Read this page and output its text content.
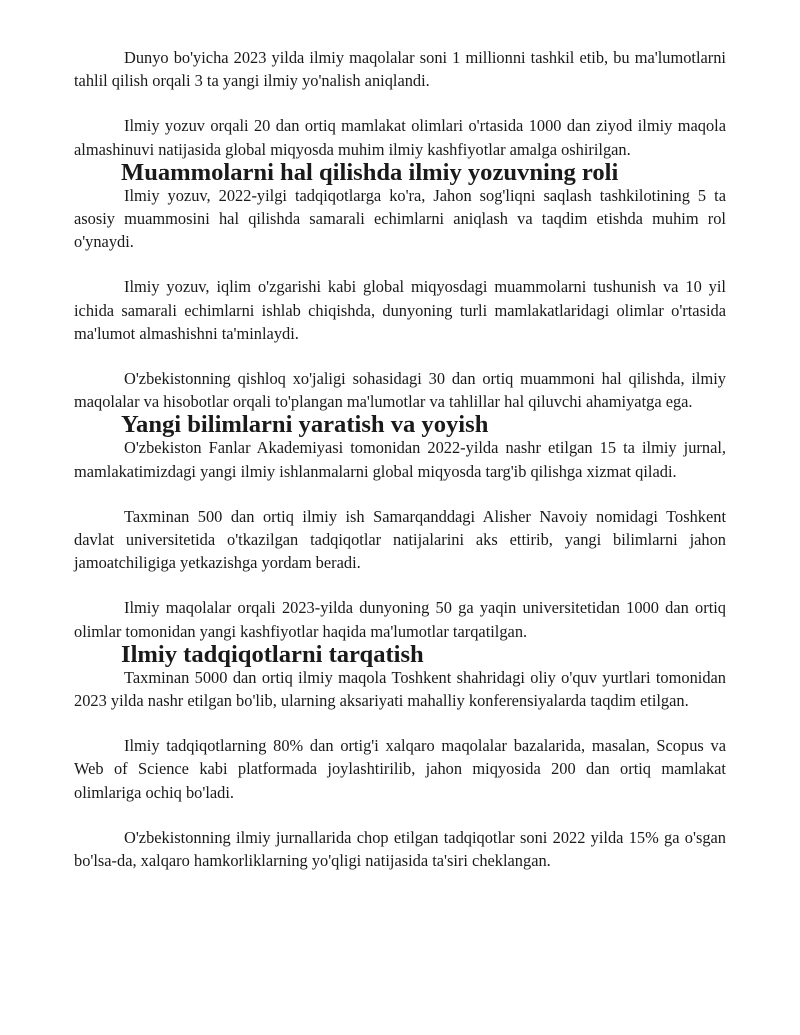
Dunyo bo'yicha 2023 yilda ilmiy maqolalar soni 1 millionni tashkil etib, bu ma'lumotlarni tahlil qilish orqali 3 ta yangi ilmiy yo'nalish aniqlandi.

Ilmiy yozuv orqali 20 dan ortiq mamlakat olimlari o'rtasida 1000 dan ziyod ilmiy maqola almashinuvi natijasida global miqyosda muhim ilmiy kashfiyotlar amalga oshirilgan.

Muammolarni hal qilishda ilmiy yozuvning roli

Ilmiy yozuv, 2022-yilgi tadqiqotlarga ko'ra, Jahon sog'liqni saqlash tashkilotining 5 ta asosiy muammosini hal qilishda samarali echimlarni aniqlash va taqdim etishda muhim rol o'ynaydi.

Ilmiy yozuv, iqlim o'zgarishi kabi global miqyosdagi muammolarni tushunish va 10 yil ichida samarali echimlarni ishlab chiqishda, dunyoning turli mamlakatlaridagi olimlar o'rtasida ma'lumot almashishni ta'minlaydi.

O'zbekistonning qishloq xo'jaligi sohasidagi 30 dan ortiq muammoni hal qilishda, ilmiy maqolalar va hisobotlar orqali to'plangan ma'lumotlar va tahlillar hal qiluvchi ahamiyatga ega.

Yangi bilimlarni yaratish va yoyish

O'zbekiston Fanlar Akademiyasi tomonidan 2022-yilda nashr etilgan 15 ta ilmiy jurnal, mamlakatimizdagi yangi ilmiy ishlanmalarni global miqyosda targ'ib qilishga xizmat qiladi.

Taxminan 500 dan ortiq ilmiy ish Samarqanddagi Alisher Navoiy nomidagi Toshkent davlat universitetida o'tkazilgan tadqiqotlar natijalarini aks ettirib, yangi bilimlarni jahon jamoatchiligiga yetkazishga yordam beradi.

Ilmiy maqolalar orqali 2023-yilda dunyoning 50 ga yaqin universitetidan 1000 dan ortiq olimlar tomonidan yangi kashfiyotlar haqida ma'lumotlar tarqatilgan.

Ilmiy tadqiqotlarni tarqatish

Taxminan 5000 dan ortiq ilmiy maqola Toshkent shahridagi oliy o'quv yurtlari tomonidan 2023 yilda nashr etilgan bo'lib, ularning aksariyati mahalliy konferensiyalarda taqdim etilgan.

Ilmiy tadqiqotlarning 80% dan ortig'i xalqaro maqolalar bazalarida, masalan, Scopus va Web of Science kabi platformada joylashtirilib, jahon miqyosida 200 dan ortiq mamlakat olimlariga ochiq bo'ladi.

O'zbekistonning ilmiy jurnallarida chop etilgan tadqiqotlar soni 2022 yilda 15% ga o'sgan bo'lsa-da, xalqaro hamkorliklarning yo'qligi natijasida ta'siri cheklangan.
